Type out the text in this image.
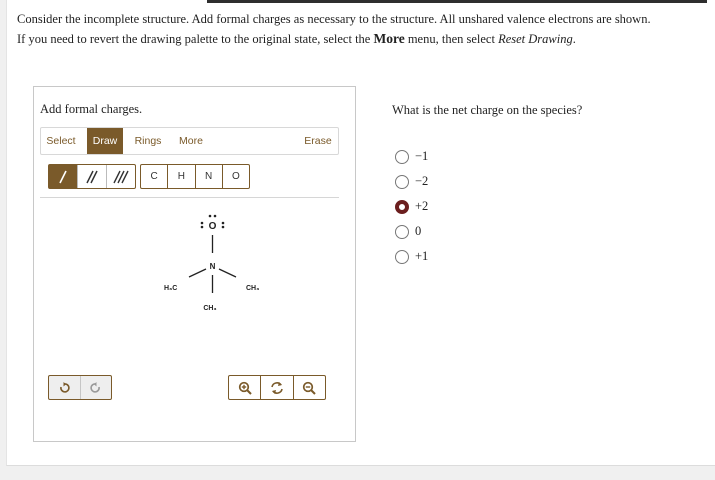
Consider the incomplete structure. Add formal charges as necessary to the structure. All unshared valence electrons are shown.
If you need to revert the drawing palette to the original state, select the More menu, then select Reset Drawing.
Add formal charges.
Select	Draw	Rings	More	Erase
C	H	N	O
O
N
H₃C	CH₃
CH₃
What is the net charge on the species?
−1
−2
+2
0
+1
